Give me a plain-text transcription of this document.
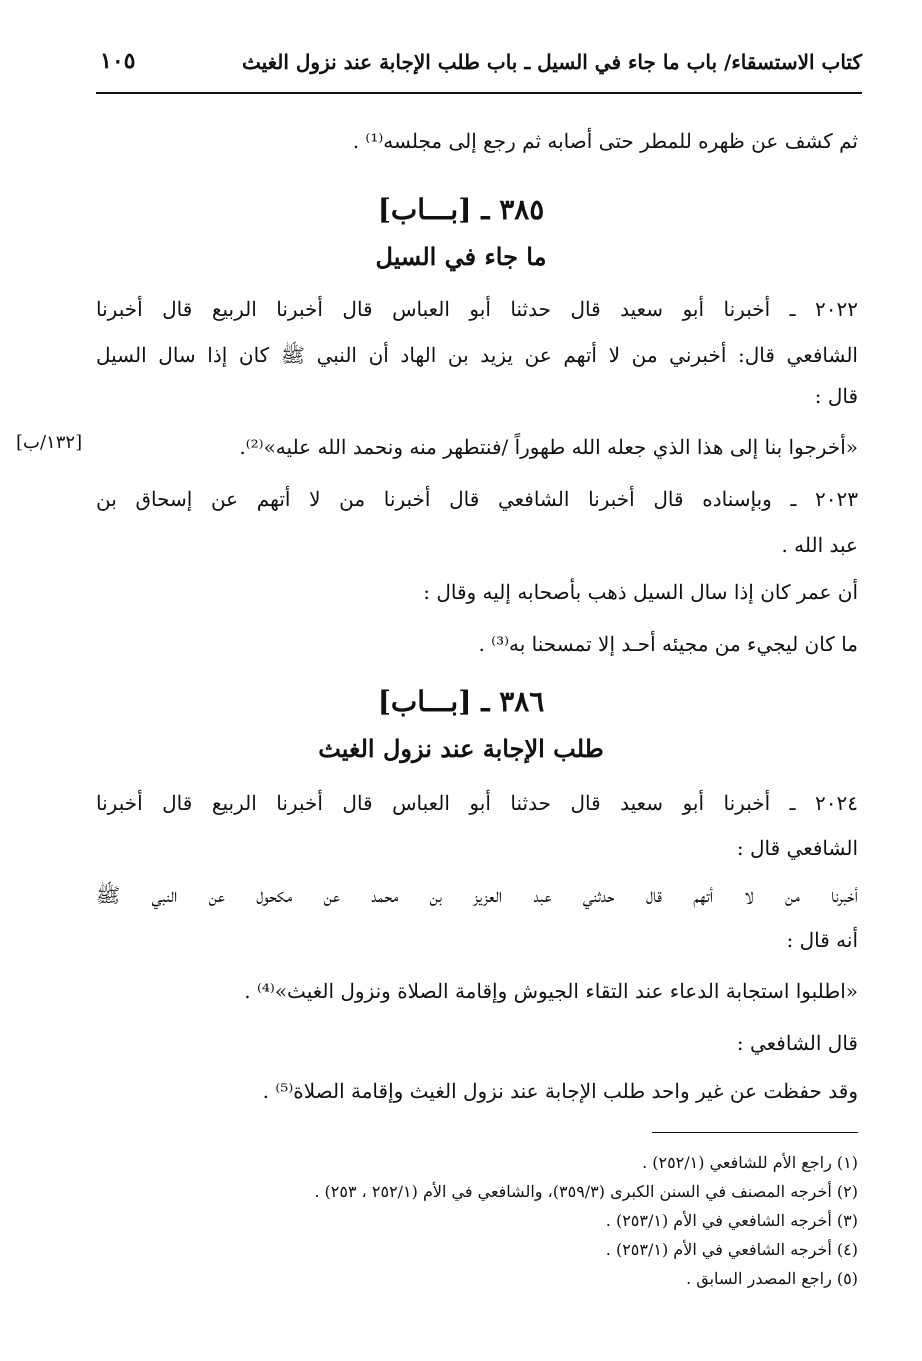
كتاب الاستسقاء/ باب ما جاء في السيل ـ باب طلب الإجابة عند نزول الغيث
١٠٥
ثم كشف عن ظهره للمطر حتى أصابه ثم رجع إلى مجلسه⁽¹⁾ .
٣٨٥ ـ [بـــاب]
ما جاء في السيل
٢٠٢٢ ـ أخبرنا أبو سعيد قال حدثنا أبو العباس قال أخبرنا الربيع قال أخبرنا
الشافعي قال: أخبرني من لا أتهم عن يزيد بن الهاد أن النبي ﷺ كان إذا سال السيل
قال :
«أخرجوا بنا إلى هذا الذي جعله الله طهوراً /فنتطهر منه ونحمد الله عليه»⁽²⁾.
[١٣٢/ب]
٢٠٢٣ ـ وبإسناده قال أخبرنا الشافعي قال أخبرنا من لا أتهم عن إسحاق بن
عبد الله .
أن عمر كان إذا سال السيل ذهب بأصحابه إليه وقال :
ما كان ليجيء من مجيئه أحـد إلا تمسحنا به⁽³⁾ .
٣٨٦ ـ [بـــاب]
طلب الإجابة عند نزول الغيث
٢٠٢٤ ـ أخبرنا أبو سعيد قال حدثنا أبو العباس قال أخبرنا الربيع قال أخبرنا
الشافعي قال :
أخبرنا من لا أتهم قال حدثني عبد العزيز بن محمد عن مكحول عن النبي ﷺ
أنه قال :
«اطلبوا استجابة الدعاء عند التقاء الجيوش وإقامة الصلاة ونزول الغيث»⁽⁴⁾ .
قال الشافعي :
وقد حفظت عن غير واحد طلب الإجابة عند نزول الغيث وإقامة الصلاة⁽⁵⁾ .
(١) راجع الأم للشافعي (٢٥٢/١) .
(٢) أخرجه المصنف في السنن الكبرى (٣٥٩/٣)، والشافعي في الأم (٢٥٢/١ ، ٢٥٣) .
(٣) أخرجه الشافعي في الأم (٢٥٣/١) .
(٤) أخرجه الشافعي في الأم (٢٥٣/١) .
(٥) راجع المصدر السابق .
